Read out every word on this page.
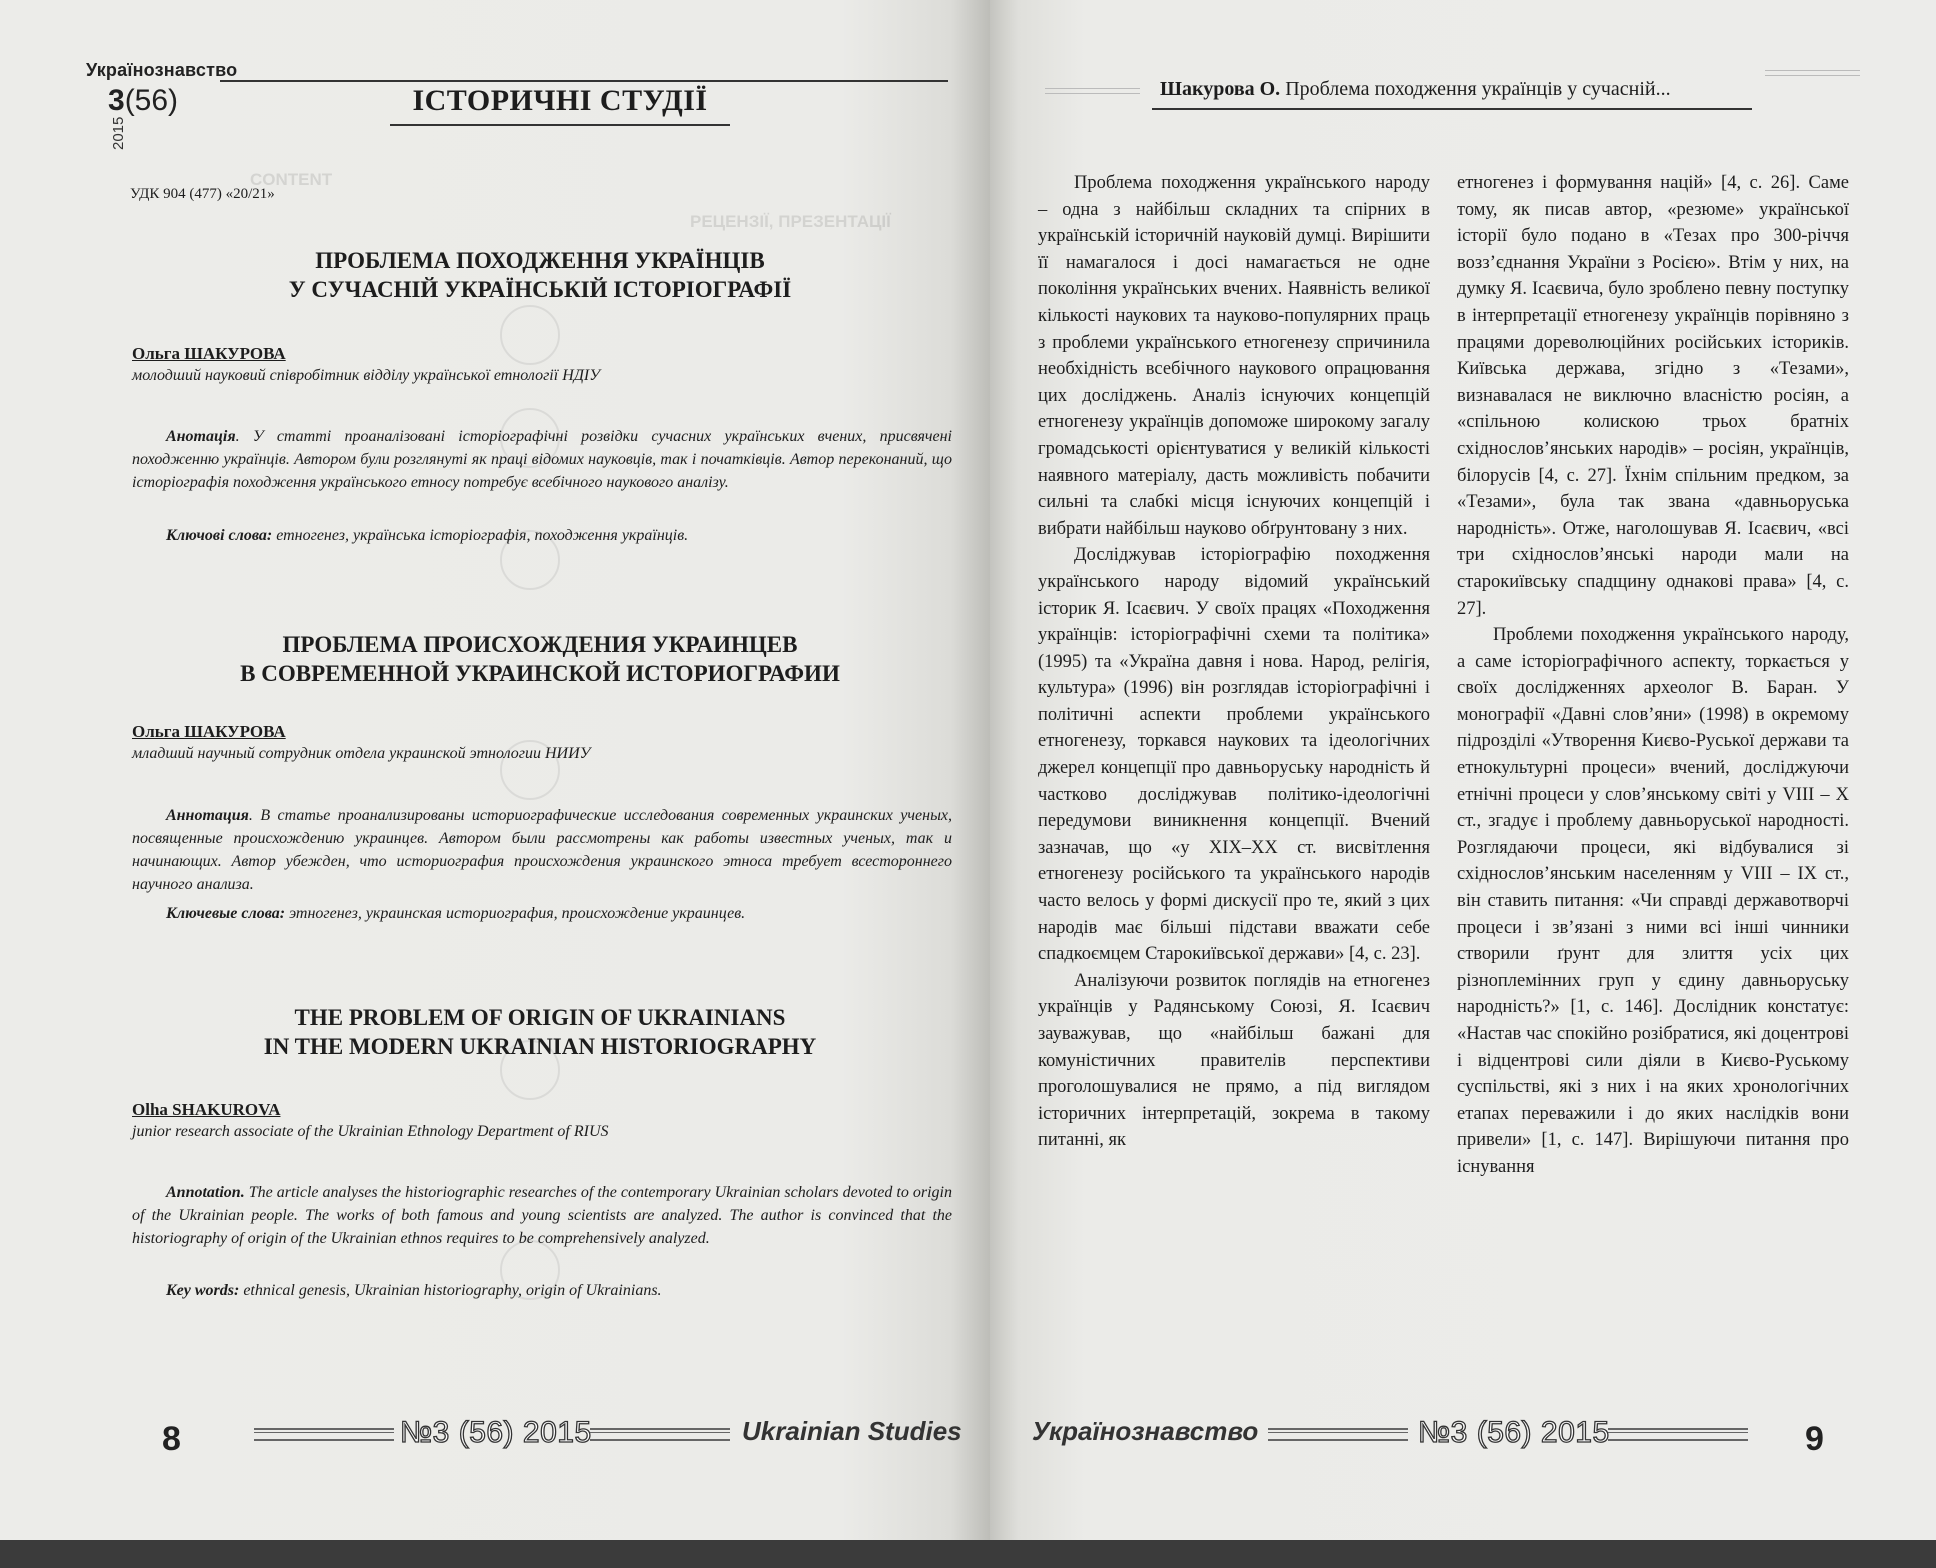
CONTENT
РЕЦЕНЗІЇ, ПРЕЗЕНТАЦІЇ
Українознавство
3(56)
2015
ІСТОРИЧНІ СТУДІЇ
УДК 904 (477) «20/21»
ПРОБЛЕМА ПОХОДЖЕННЯ УКРАЇНЦІВ
У СУЧАСНІЙ УКРАЇНСЬКІЙ ІСТОРІОГРАФІЇ
Ольга ШАКУРОВА
молодший науковий співробітник відділу української етнології НДІУ
Анотація. У статті проаналізовані історіографічні розвідки сучасних українських вчених, присвячені походженню українців. Автором були розглянуті як праці відомих науковців, так і початківців. Автор переконаний, що історіографія походження українського етносу потребує всебічного наукового аналізу.
Ключові слова: етногенез, українська історіографія, походження українців.
ПРОБЛЕМА ПРОИСХОЖДЕНИЯ УКРАИНЦЕВ
В СОВРЕМЕННОЙ УКРАИНСКОЙ ИСТОРИОГРАФИИ
Ольга ШАКУРОВА
младший научный сотрудник отдела украинской этнологии НИИУ
Аннотация. В статье проанализированы историографические исследования современных украинских ученых, посвященные происхождению украинцев. Автором были рассмотрены как работы известных ученых, так и начинающих. Автор убежден, что историография происхождения украинского этноса требует всестороннего научного анализа.
Ключевые слова: этногенез, украинская историография, происхождение украинцев.
THE PROBLEM OF ORIGIN OF UKRAINIANS
IN THE MODERN UKRAINIAN HISTORIOGRAPHY
Olha SHAKUROVA
junior research associate of the Ukrainian Ethnology Department of RIUS
Annotation. The article analyses the historiographic researches of the contemporary Ukrainian scholars devoted to origin of the Ukrainian people. The works of both famous and young scientists are analyzed. The author is convinced that the historiography of origin of the Ukrainian ethnos requires to be comprehensively analyzed.
Key words: ethnical genesis, Ukrainian historiography, origin of Ukrainians.
8	№3 (56) 2015	Ukrainian Studies
Шакурова О. Проблема походження українців у сучасній...

Проблема походження українського народу – одна з найбільш складних та спірних в українській історичній науковій думці. Вирішити її намагалося і досі намагається не одне покоління українських вчених. Наявність великої кількості наукових та науково-популярних праць з проблеми українського етногенезу спричинила необхідність всебічного наукового опрацювання цих досліджень. Аналіз існуючих концепцій етногенезу українців допоможе широкому загалу громадськості орієнтуватися у великій кількості наявного матеріалу, дасть можливість побачити сильні та слабкі місця існуючих концепцій і вибрати найбільш науково обґрунтовану з них.

Досліджував історіографію походження українського народу відомий український історик Я. Ісаєвич. У своїх працях «Походження українців: історіографічні схеми та політика» (1995) та «Україна давня і нова. Народ, релігія, культура» (1996) він розглядав історіографічні і політичні аспекти проблеми українського етногенезу, торкався наукових та ідеологічних джерел концепції про давньоруську народність й частково досліджував політико-ідеологічні передумови виникнення концепції. Вчений зазначав, що «у XIX–XX ст. висвітлення етногенезу російського та українського народів часто велось у формі дискусії про те, який з цих народів має більші підстави вважати себе спадкоємцем Старокиївської держави» [4, с. 23].

Аналізуючи розвиток поглядів на етногенез українців у Радянському Союзі, Я. Ісаєвич зауважував, що «найбільш бажані для комуністичних правителів перспективи проголошувалися не прямо, а під виглядом історичних інтерпретацій, зокрема в такому питанні, як

етногенез і формування націй» [4, с. 26]. Саме тому, як писав автор, «резюме» української історії було подано в «Тезах про 300-річчя возз’єднання України з Росією». Втім у них, на думку Я. Ісаєвича, було зроблено певну поступку в інтерпретації етногенезу українців порівняно з працями дореволюційних російських істориків. Київська держава, згідно з «Тезами», визнавалася не виключно власністю росіян, а «спільною колискою трьох братніх східнослов’янських народів» – росіян, українців, білорусів [4, с. 27]. Їхнім спільним предком, за «Тезами», була так звана «давньоруська народність». Отже, наголошував Я. Ісаєвич, «всі три східнослов’янські народи мали на старокиївську спадщину однакові права» [4, с. 27].

Проблеми походження українського народу, а саме історіографічного аспекту, торкається у своїх дослідженнях археолог В. Баран. У монографії «Давні слов’яни» (1998) в окремому підрозділі «Утворення Києво-Руської держави та етнокультурні процеси» вчений, досліджуючи етнічні процеси у слов’янському світі у VIII – X ст., згадує і проблему давньоруської народності. Розглядаючи процеси, які відбувалися зі східнослов’янським населенням у VIII – IX ст., він ставить питання: «Чи справді державотворчі процеси і зв’язані з ними всі інші чинники створили ґрунт для злиття усіх цих різноплемінних груп у єдину давньоруську народність?» [1, с. 146]. Дослідник констатує: «Настав час спокійно розібратися, які доцентрові і відцентрові сили діяли в Києво-Руському суспільстві, які з них і на яких хронологічних етапах переважили і до яких наслідків вони привели» [1, с. 147]. Вирішуючи питання про існування

Українознавство	№3 (56) 2015	9
